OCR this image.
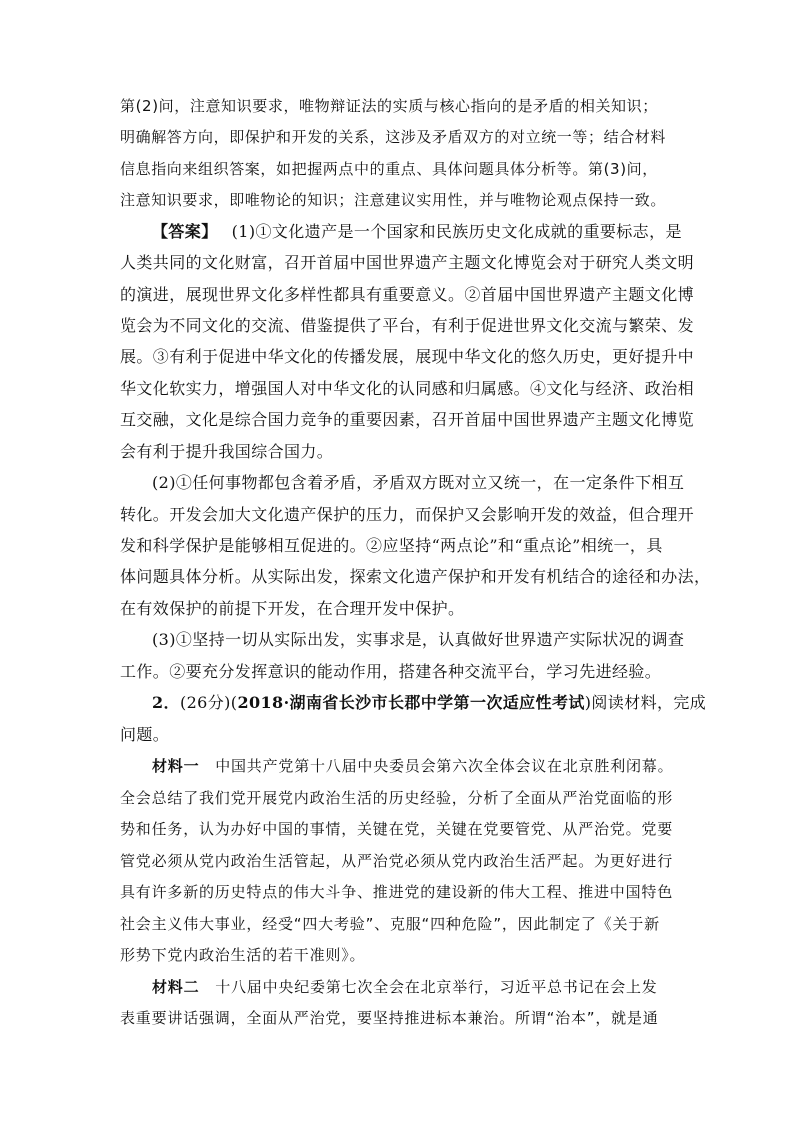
第(2)问，注意知识要求，唯物辩证法的实质与核心指向的是矛盾的相关知识；
明确解答方向，即保护和开发的关系，这涉及矛盾双方的对立统一等；结合材料
信息指向来组织答案，如把握两点中的重点、具体问题具体分析等。第(3)问，
注意知识要求，即唯物论的知识；注意建议实用性，并与唯物论观点保持一致。
【答案】 (1)①文化遗产是一个国家和民族历史文化成就的重要标志，是
人类共同的文化财富，召开首届中国世界遗产主题文化博览会对于研究人类文明
的演进，展现世界文化多样性都具有重要意义。②首届中国世界遗产主题文化博
览会为不同文化的交流、借鉴提供了平台，有利于促进世界文化交流与繁荣、发
展。③有利于促进中华文化的传播发展，展现中华文化的悠久历史，更好提升中
华文化软实力，增强国人对中华文化的认同感和归属感。④文化与经济、政治相
互交融，文化是综合国力竞争的重要因素，召开首届中国世界遗产主题文化博览
会有利于提升我国综合国力。
(2)①任何事物都包含着矛盾，矛盾双方既对立又统一，在一定条件下相互
转化。开发会加大文化遗产保护的压力，而保护又会影响开发的效益，但合理开
发和科学保护是能够相互促进的。②应坚持“两点论”和“重点论”相统一，具
体问题具体分析。从实际出发，探索文化遗产保护和开发有机结合的途径和办法，
在有效保护的前提下开发，在合理开发中保护。
(3)①坚持一切从实际出发，实事求是，认真做好世界遗产实际状况的调查
工作。②要充分发挥意识的能动作用，搭建各种交流平台，学习先进经验。
2．(26分)(2018·湖南省长沙市长郡中学第一次适应性考试)阅读材料，完成
问题。
材料一　中国共产党第十八届中央委员会第六次全体会议在北京胜利闭幕。
全会总结了我们党开展党内政治生活的历史经验，分析了全面从严治党面临的形
势和任务，认为办好中国的事情，关键在党，关键在党要管党、从严治党。党要
管党必须从党内政治生活管起，从严治党必须从党内政治生活严起。为更好进行
具有许多新的历史特点的伟大斗争、推进党的建设新的伟大工程、推进中国特色
社会主义伟大事业，经受“四大考验”、克服“四种危险”，因此制定了《关于新
形势下党内政治生活的若干准则》。
材料二　十八届中央纪委第七次全会在北京举行，习近平总书记在会上发
表重要讲话强调，全面从严治党，要坚持推进标本兼治。所谓“治本”，就是通
